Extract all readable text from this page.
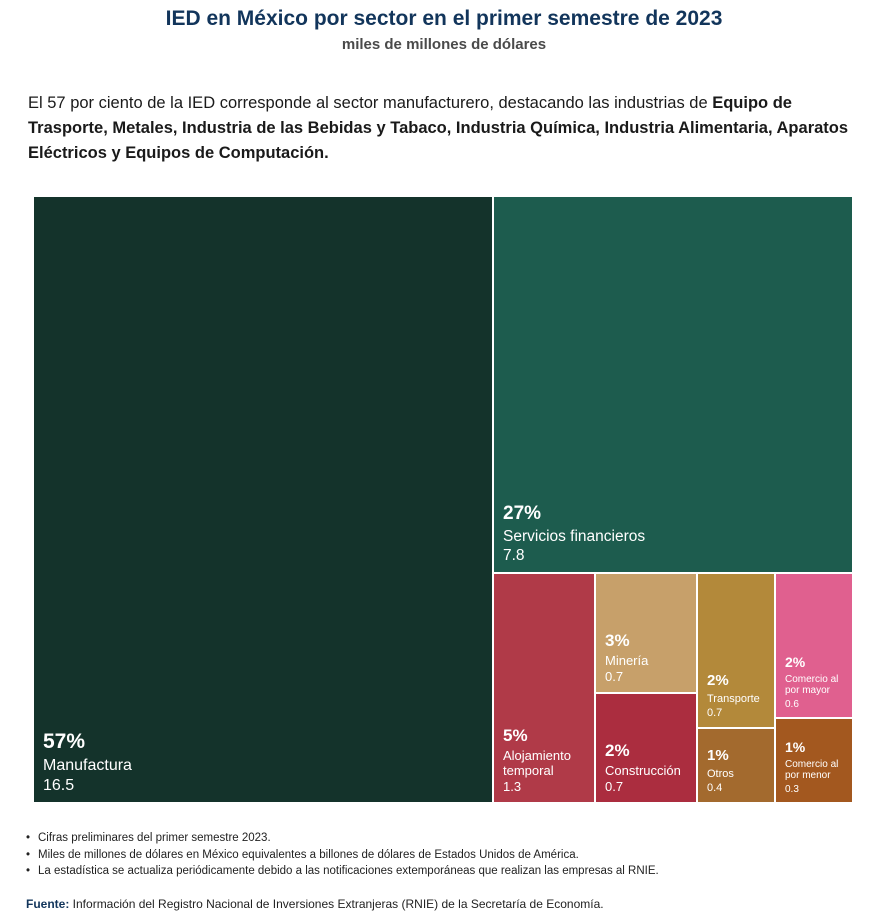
IED en México por sector en el primer semestre de 2023
miles de millones de dólares

El 57 por ciento de la IED corresponde al sector manufacturero, destacando las industrias de Equipo de Trasporte, Metales, Industria de las Bebidas y Tabaco, Industria Química, Industria Alimentaria, Aparatos Eléctricos y Equipos de Computación.

57%
Manufactura
16.5
27%
Servicios financieros
7.8
5%
Alojamiento temporal
1.3
3%
Minería
0.7
2%
Construcción
0.7
2%
Transporte
0.7
1%
Otros
0.4
2%
Comercio al por mayor
0.6
1%
Comercio al por menor
0.3
• Cifras preliminares del primer semestre 2023.
• Miles de millones de dólares en México equivalentes a billones de dólares de Estados Unidos de América.
• La estadística se actualiza periódicamente debido a las notificaciones extemporáneas que realizan las empresas al RNIE.
Fuente: Información del Registro Nacional de Inversiones Extranjeras (RNIE) de la Secretaría de Economía.
